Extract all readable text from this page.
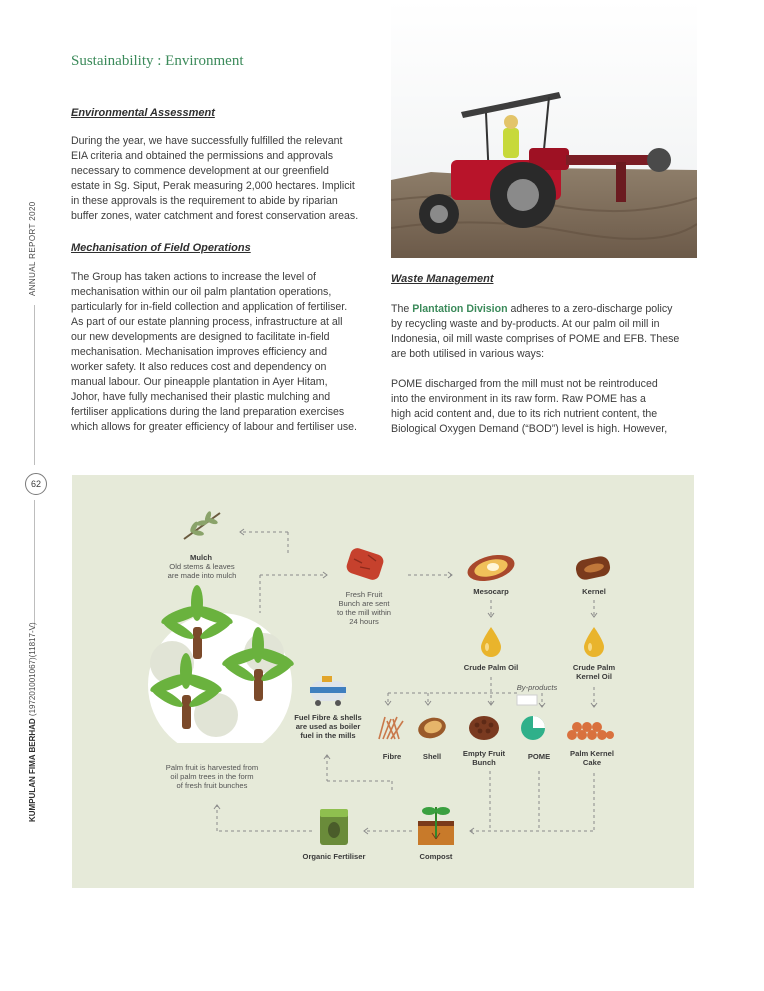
Sustainability : Environment
ANNUAL REPORT 2020
62
KUMPULAN FIMA BERHAD (197201001067)(11817-V)
Environmental Assessment
During the year, we have successfully fulfilled the relevant
EIA criteria and obtained the permissions and approvals
necessary to commence development at our greenfield
estate in Sg. Siput, Perak measuring 2,000 hectares. Implicit
in these approvals is the requirement to abide by riparian
buffer zones, water catchment and forest conservation areas.
Mechanisation of Field Operations
The Group has taken actions to increase the level of
mechanisation within our oil palm plantation operations,
particularly for in-field collection and application of fertiliser.
As part of our estate planning process, infrastructure at all
our new developments are designed to facilitate in-field
mechanisation. Mechanisation improves efficiency and
worker safety. It also reduces cost and dependency on
manual labour. Our pineapple plantation in Ayer Hitam,
Johor, have fully mechanised their plastic mulching and
fertiliser applications during the land preparation exercises
which allows for greater efficiency of labour and fertiliser use.
Waste Management
The Plantation Division adheres to a zero-discharge policy
by recycling waste and by-products. At our palm oil mill in
Indonesia, oil mill waste comprises of POME and EFB. These
are both utilised in various ways:
POME discharged from the mill must not be reintroduced
into the environment in its raw form. Raw POME has a
high acid content and, due to its rich nutrient content, the
Biological Oxygen Demand (“BOD”) level is high. However,
Mulch
Old stems & leaves
are made into mulch
Fresh Fruit
Bunch are sent
to the mill within
24 hours
Mesocarp	Kernel
Crude Palm Oil	Crude Palm
Kernel Oil
By-products
Fuel Fibre & shells
are used as boiler
fuel in the mills
Fibre	Shell	Empty Fruit
Bunch
POME	Palm Kernel
Cake
Palm fruit is harvested from
oil palm trees in the form
of fresh fruit bunches
Organic Fertiliser	Compost
